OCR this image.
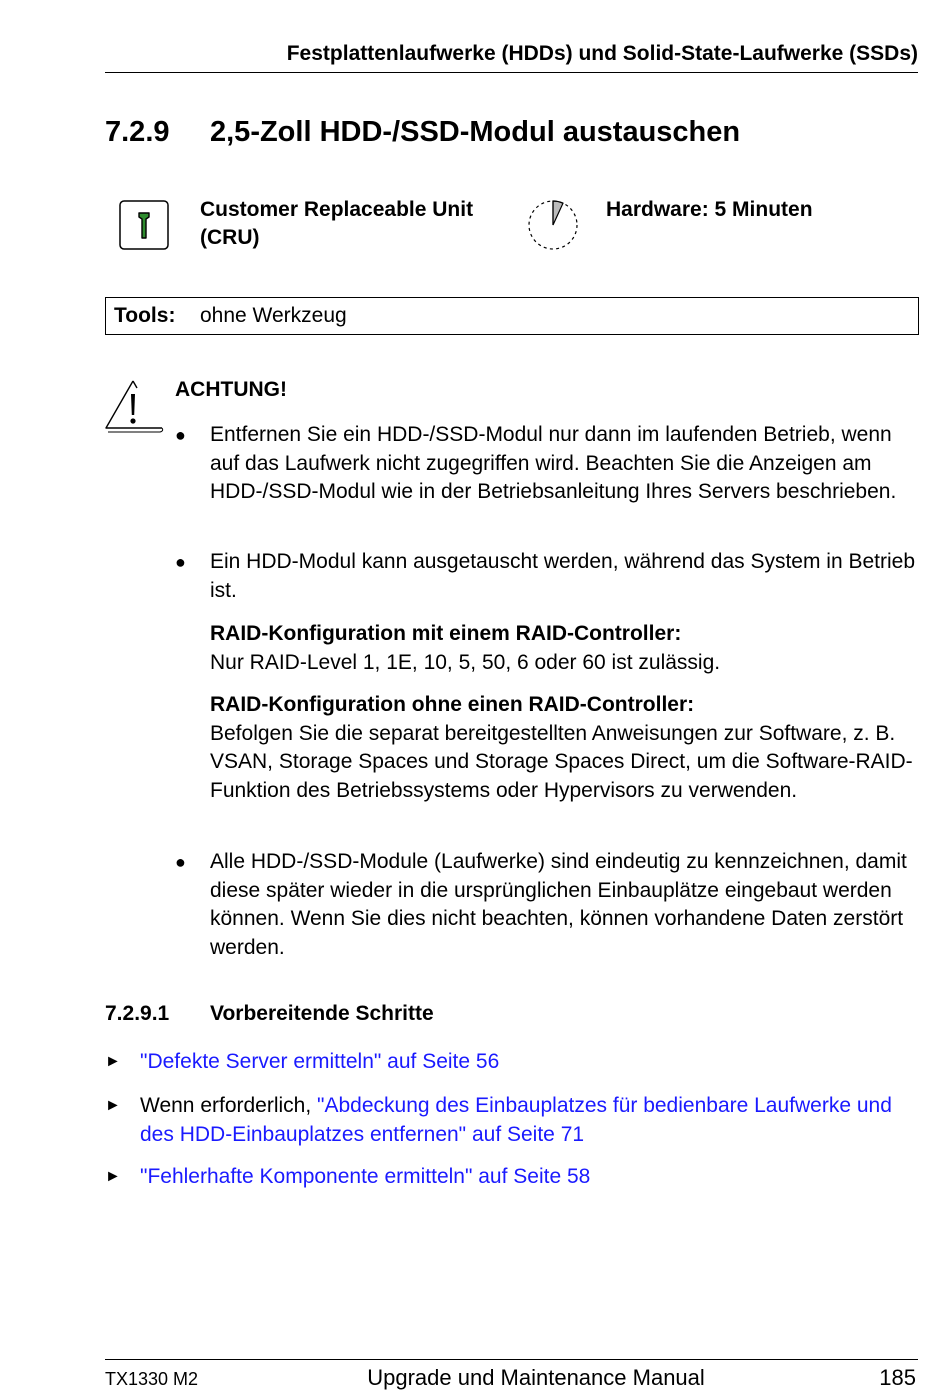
Festplattenlaufwerke (HDDs) und Solid-State-Laufwerke (SSDs)
7.2.9 2,5-Zoll HDD-/SSD-Modul austauschen
Customer Replaceable Unit
(CRU)
Hardware: 5 Minuten
Tools: ohne Werkzeug
ACHTUNG!
● Entfernen Sie ein HDD-/SSD-Modul nur dann im laufenden Betrieb, wenn auf das Laufwerk nicht zugegriffen wird. Beachten Sie die Anzeigen am HDD-/SSD-Modul wie in der Betriebsanleitung Ihres Servers beschrieben.
● Ein HDD-Modul kann ausgetauscht werden, während das System in Betrieb ist.
RAID-Konfiguration mit einem RAID-Controller:
Nur RAID-Level 1, 1E, 10, 5, 50, 6 oder 60 ist zulässig.
RAID-Konfiguration ohne einen RAID-Controller:
Befolgen Sie die separat bereitgestellten Anweisungen zur Software, z. B. VSAN, Storage Spaces und Storage Spaces Direct, um die Software-RAID-Funktion des Betriebssystems oder Hypervisors zu verwenden.
● Alle HDD-/SSD-Module (Laufwerke) sind eindeutig zu kennzeichnen, damit diese später wieder in die ursprünglichen Einbauplätze eingebaut werden können. Wenn Sie dies nicht beachten, können vorhandene Daten zerstört werden.
7.2.9.1 Vorbereitende Schritte
► "Defekte Server ermitteln" auf Seite 56
► Wenn erforderlich, "Abdeckung des Einbauplatzes für bedienbare Laufwerke und des HDD-Einbauplatzes entfernen" auf Seite 71
► "Fehlerhafte Komponente ermitteln" auf Seite 58
TX1330 M2	Upgrade und Maintenance Manual	185
